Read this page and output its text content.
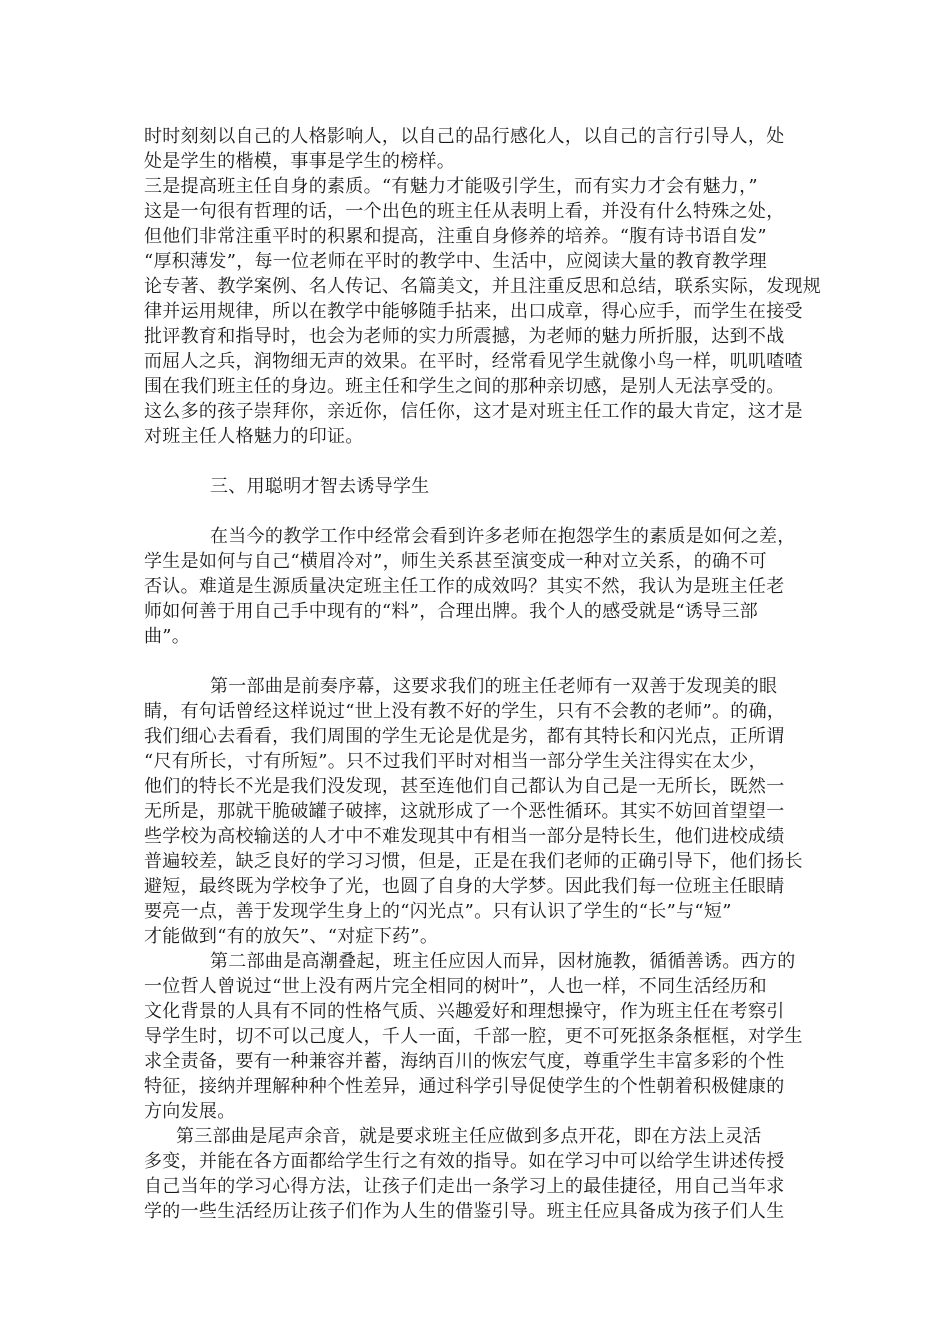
时时刻刻以自己的人格影响人，以自己的品行感化人，以自己的言行引导人，处
处是学生的楷模，事事是学生的榜样。
三是提高班主任自身的素质。“有魅力才能吸引学生，而有实力才会有魅力，”
这是一句很有哲理的话，一个出色的班主任从表明上看，并没有什么特殊之处，
但他们非常注重平时的积累和提高，注重自身修养的培养。“腹有诗书语自发”
“厚积薄发”，每一位老师在平时的教学中、生活中，应阅读大量的教育教学理
论专著、教学案例、名人传记、名篇美文，并且注重反思和总结，联系实际，发现规
律并运用规律，所以在教学中能够随手拈来，出口成章，得心应手，而学生在接受
批评教育和指导时，也会为老师的实力所震撼，为老师的魅力所折服，达到不战
而屈人之兵，润物细无声的效果。在平时，经常看见学生就像小鸟一样，叽叽喳喳
围在我们班主任的身边。班主任和学生之间的那种亲切感，是别人无法享受的。
这么多的孩子崇拜你，亲近你，信任你，这才是对班主任工作的最大肯定，这才是
对班主任人格魅力的印证。
三、用聪明才智去诱导学生
在当今的教学工作中经常会看到许多老师在抱怨学生的素质是如何之差，
学生是如何与自己“横眉冷对”，师生关系甚至演变成一种对立关系，的确不可
否认。难道是生源质量决定班主任工作的成效吗？其实不然，我认为是班主任老
师如何善于用自己手中现有的“料”，合理出牌。我个人的感受就是“诱导三部
曲”。
第一部曲是前奏序幕，这要求我们的班主任老师有一双善于发现美的眼
睛，有句话曾经这样说过“世上没有教不好的学生，只有不会教的老师”。的确，
我们细心去看看，我们周围的学生无论是优是劣，都有其特长和闪光点，正所谓
“尺有所长，寸有所短”。只不过我们平时对相当一部分学生关注得实在太少，
他们的特长不光是我们没发现，甚至连他们自己都认为自己是一无所长，既然一
无所是，那就干脆破罐子破摔，这就形成了一个恶性循环。其实不妨回首望望一
些学校为高校输送的人才中不难发现其中有相当一部分是特长生，他们进校成绩
普遍较差，缺乏良好的学习习惯，但是，正是在我们老师的正确引导下，他们扬长
避短，最终既为学校争了光，也圆了自身的大学梦。因此我们每一位班主任眼睛
要亮一点，善于发现学生身上的“闪光点”。只有认识了学生的“长”与“短”
才能做到“有的放矢”、“对症下药”。
第二部曲是高潮叠起，班主任应因人而异，因材施教，循循善诱。西方的
一位哲人曾说过“世上没有两片完全相同的树叶”，人也一样，不同生活经历和
文化背景的人具有不同的性格气质、兴趣爱好和理想操守，作为班主任在考察引
导学生时，切不可以己度人，千人一面，千部一腔，更不可死抠条条框框，对学生
求全责备，要有一种兼容并蓄，海纳百川的恢宏气度，尊重学生丰富多彩的个性
特征，接纳并理解种种个性差异，通过科学引导促使学生的个性朝着积极健康的
方向发展。
第三部曲是尾声余音，就是要求班主任应做到多点开花，即在方法上灵活
多变，并能在各方面都给学生行之有效的指导。如在学习中可以给学生讲述传授
自己当年的学习心得方法，让孩子们走出一条学习上的最佳捷径，用自己当年求
学的一些生活经历让孩子们作为人生的借鉴引导。班主任应具备成为孩子们人生
